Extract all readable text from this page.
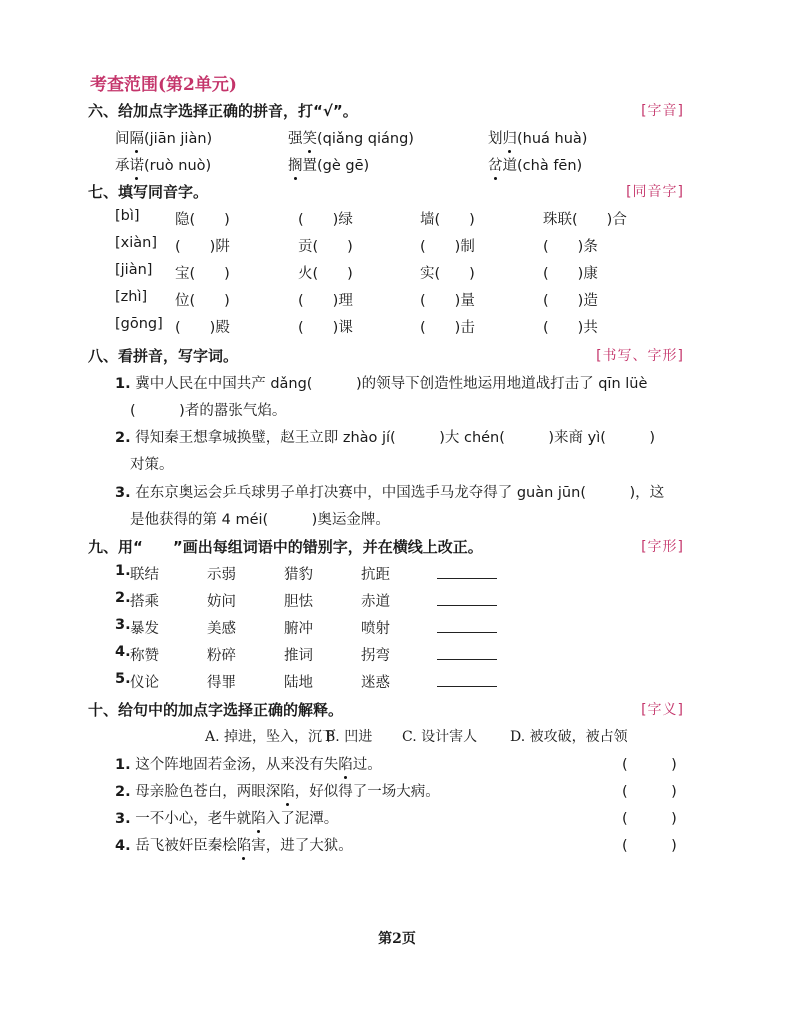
考查范围(第2单元)
六、给加点字选择正确的拼音，打“√”。	[字音]
间隔(jiān jiàn)	强笑(qiǎng qiáng)	划归(huá huà)
承诺(ruò nuò)	搁置(gè gē)	岔道(chà fēn)
七、填写同音字。	[同音字]
[bì] 隐(　　)	(　　)绿	墙(　　)	珠联(　　)合
[xiàn] (　　)阱	贡(　　)	(　　)制	(　　)条
[jiàn] 宝(　　)	火(　　)	实(　　)	(　　)康
[zhì] 位(　　)	(　　)理	(　　)量	(　　)造
[gōng] (　　)殿	(　　)课	(　　)击	(　　)共
八、看拼音，写字词。	[书写、字形]
1. 冀中人民在中国共产 dǎng(　　　)的领导下创造性地运用地道战打击了 qīn lüè
(　　　)者的嚣张气焰。
2. 得知秦王想拿城换璧，赵王立即 zhào jí(　　　)大 chén(　　　)来商 yì(　　　)
对策。
3. 在东京奥运会乒乓球男子单打决赛中，中国选手马龙夺得了 guàn jūn(　　　)，这
是他获得的第 4 méi(　　　)奥运金牌。
九、用“　　”画出每组词语中的错别字，并在横线上改正。	[字形]
1. 联结	示弱	猎豹	抗距
2. 搭乘	妨问	胆怯	赤道
3. 暴发	美感	腑冲	喷射
4. 称赞	粉碎	推词	拐弯
5. 仪论	得罪	陆地	迷惑
十、给句中的加点字选择正确的解释。	[字义]
A. 掉进，坠入，沉下
B. 凹进 C. 设计害人 D. 被攻破，被占领
1. 这个阵地固若金汤，从来没有失陷过。	(　　　)
2. 母亲脸色苍白，两眼深陷，好似得了一场大病。	(　　　)
3. 一不小心，老牛就陷入了泥潭。	(　　　)
4. 岳飞被奸臣秦桧陷害，进了大狱。	(　　　)
第2页
